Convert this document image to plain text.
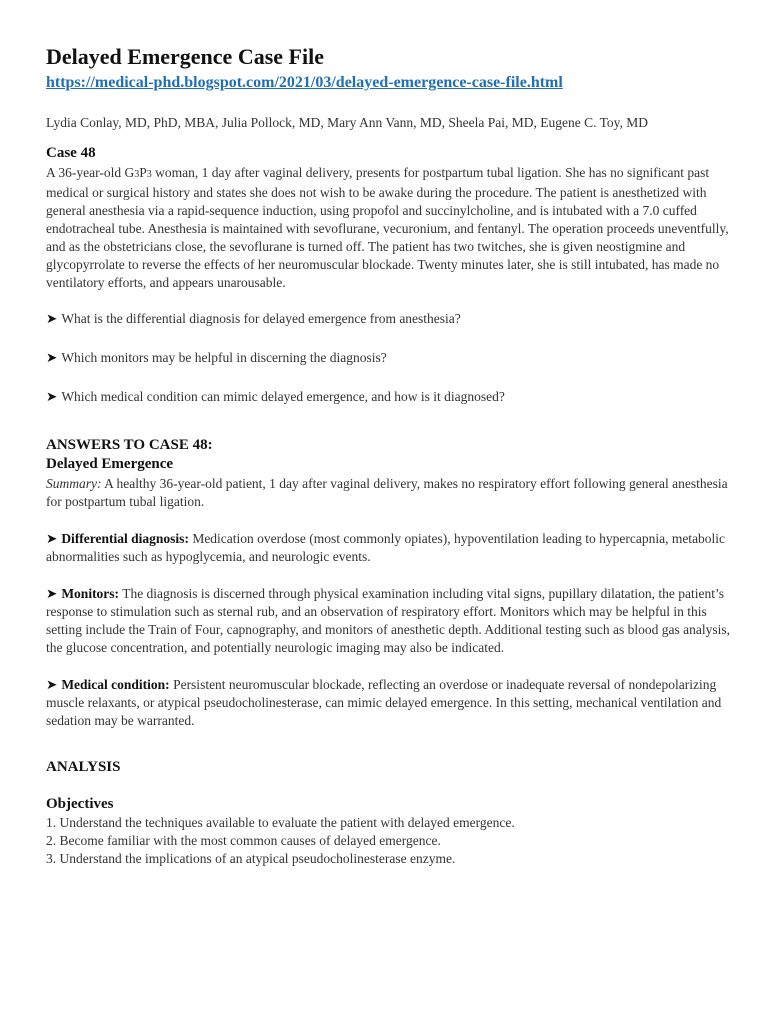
Delayed Emergence Case File
https://medical-phd.blogspot.com/2021/03/delayed-emergence-case-file.html
Lydia Conlay, MD, PhD, MBA, Julia Pollock, MD, Mary Ann Vann, MD, Sheela Pai, MD, Eugene C. Toy, MD
Case 48
A 36-year-old G3P3 woman, 1 day after vaginal delivery, presents for postpartum tubal ligation. She has no significant past medical or surgical history and states she does not wish to be awake during the procedure. The patient is anesthetized with general anesthesia via a rapid-sequence induction, using propofol and succinylcholine, and is intubated with a 7.0 cuffed endotracheal tube. Anesthesia is maintained with sevoflurane, vecuronium, and fentanyl. The operation proceeds uneventfully, and as the obstetricians close, the sevoflurane is turned off. The patient has two twitches, she is given neostigmine and glycopyrrolate to reverse the effects of her neuromuscular blockade. Twenty minutes later, she is still intubated, has made no ventilatory efforts, and appears unarousable.
➤ What is the differential diagnosis for delayed emergence from anesthesia?
➤ Which monitors may be helpful in discerning the diagnosis?
➤ Which medical condition can mimic delayed emergence, and how is it diagnosed?
ANSWERS TO CASE 48:
Delayed Emergence
Summary: A healthy 36-year-old patient, 1 day after vaginal delivery, makes no respiratory effort following general anesthesia for postpartum tubal ligation.
➤ Differential diagnosis: Medication overdose (most commonly opiates), hypoventilation leading to hypercapnia, metabolic abnormalities such as hypoglycemia, and neurologic events.
➤ Monitors: The diagnosis is discerned through physical examination including vital signs, pupillary dilatation, the patient’s response to stimulation such as sternal rub, and an observation of respiratory effort. Monitors which may be helpful in this setting include the Train of Four, capnography, and monitors of anesthetic depth. Additional testing such as blood gas analysis, the glucose concentration, and potentially neurologic imaging may also be indicated.
➤ Medical condition: Persistent neuromuscular blockade, reflecting an overdose or inadequate reversal of nondepolarizing muscle relaxants, or atypical pseudocholinesterase, can mimic delayed emergence. In this setting, mechanical ventilation and sedation may be warranted.
ANALYSIS
Objectives
1. Understand the techniques available to evaluate the patient with delayed emergence.
2. Become familiar with the most common causes of delayed emergence.
3. Understand the implications of an atypical pseudocholinesterase enzyme.
